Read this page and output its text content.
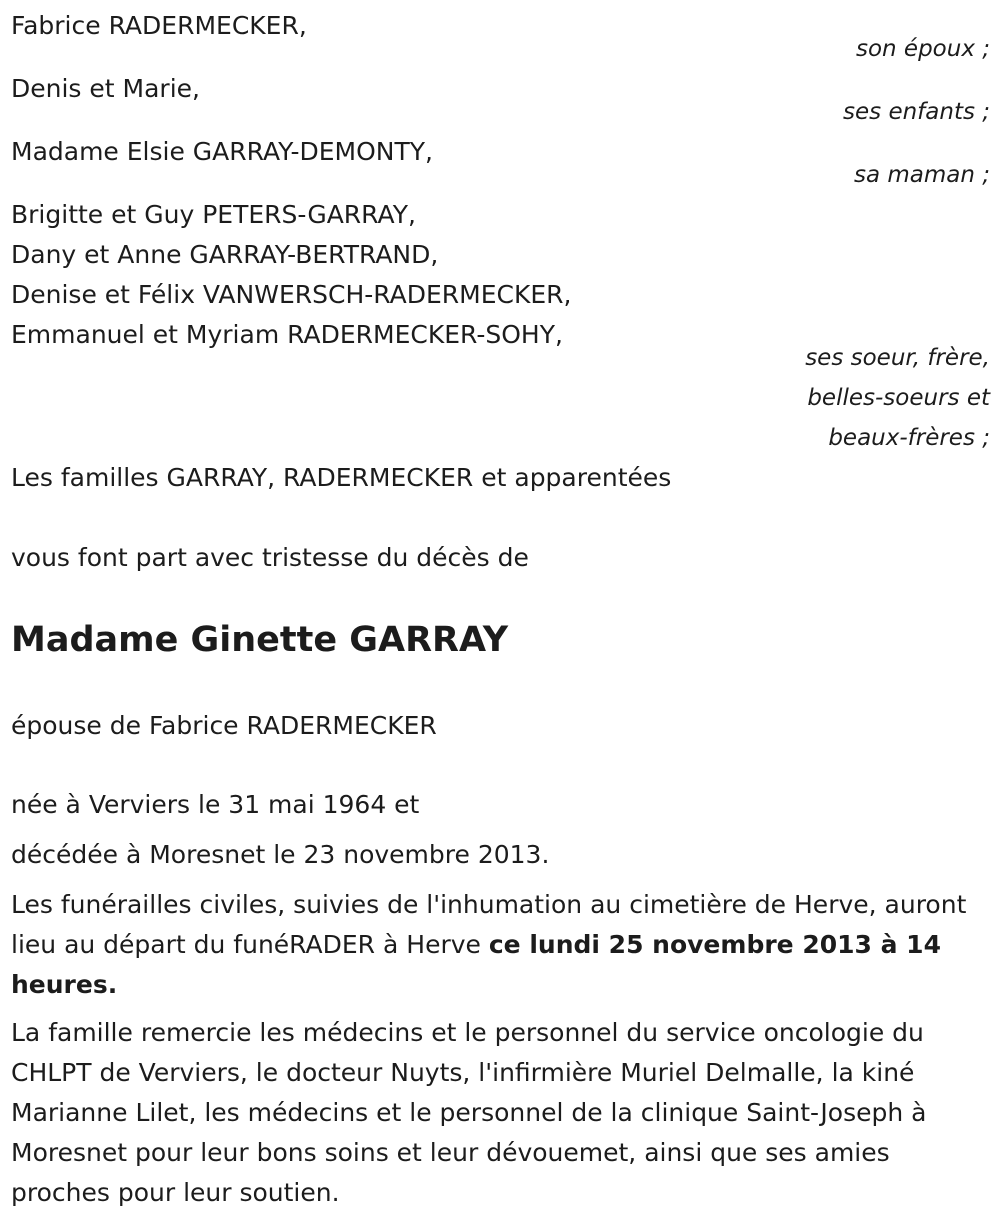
Fabrice RADERMECKER,
son époux ;
Denis et Marie,
ses enfants ;
Madame Elsie GARRAY-DEMONTY,
sa maman ;
Brigitte et Guy PETERS-GARRAY,
Dany et Anne GARRAY-BERTRAND,
Denise et Félix VANWERSCH-RADERMECKER,
Emmanuel et Myriam RADERMECKER-SOHY,
ses soeur, frère,
belles-soeurs et
beaux-frères ;
Les familles GARRAY, RADERMECKER et apparentées
vous font part avec tristesse du décès de
Madame Ginette GARRAY
épouse de Fabrice RADERMECKER
née à Verviers le 31 mai 1964 et
décédée à Moresnet le 23 novembre 2013.
Les funérailles civiles, suivies de l'inhumation au cimetière de Herve, auront lieu au départ du funéRADER à Herve ce lundi 25 novembre 2013 à 14 heures.
La famille remercie les médecins et le personnel du service oncologie du CHLPT de Verviers, le docteur Nuyts, l'infirmière Muriel Delmalle, la kiné Marianne Lilet, les médecins et le personnel de la clinique Saint-Joseph à Moresnet pour leur bons soins et leur dévouemet, ainsi que ses amies proches pour leur soutien.
